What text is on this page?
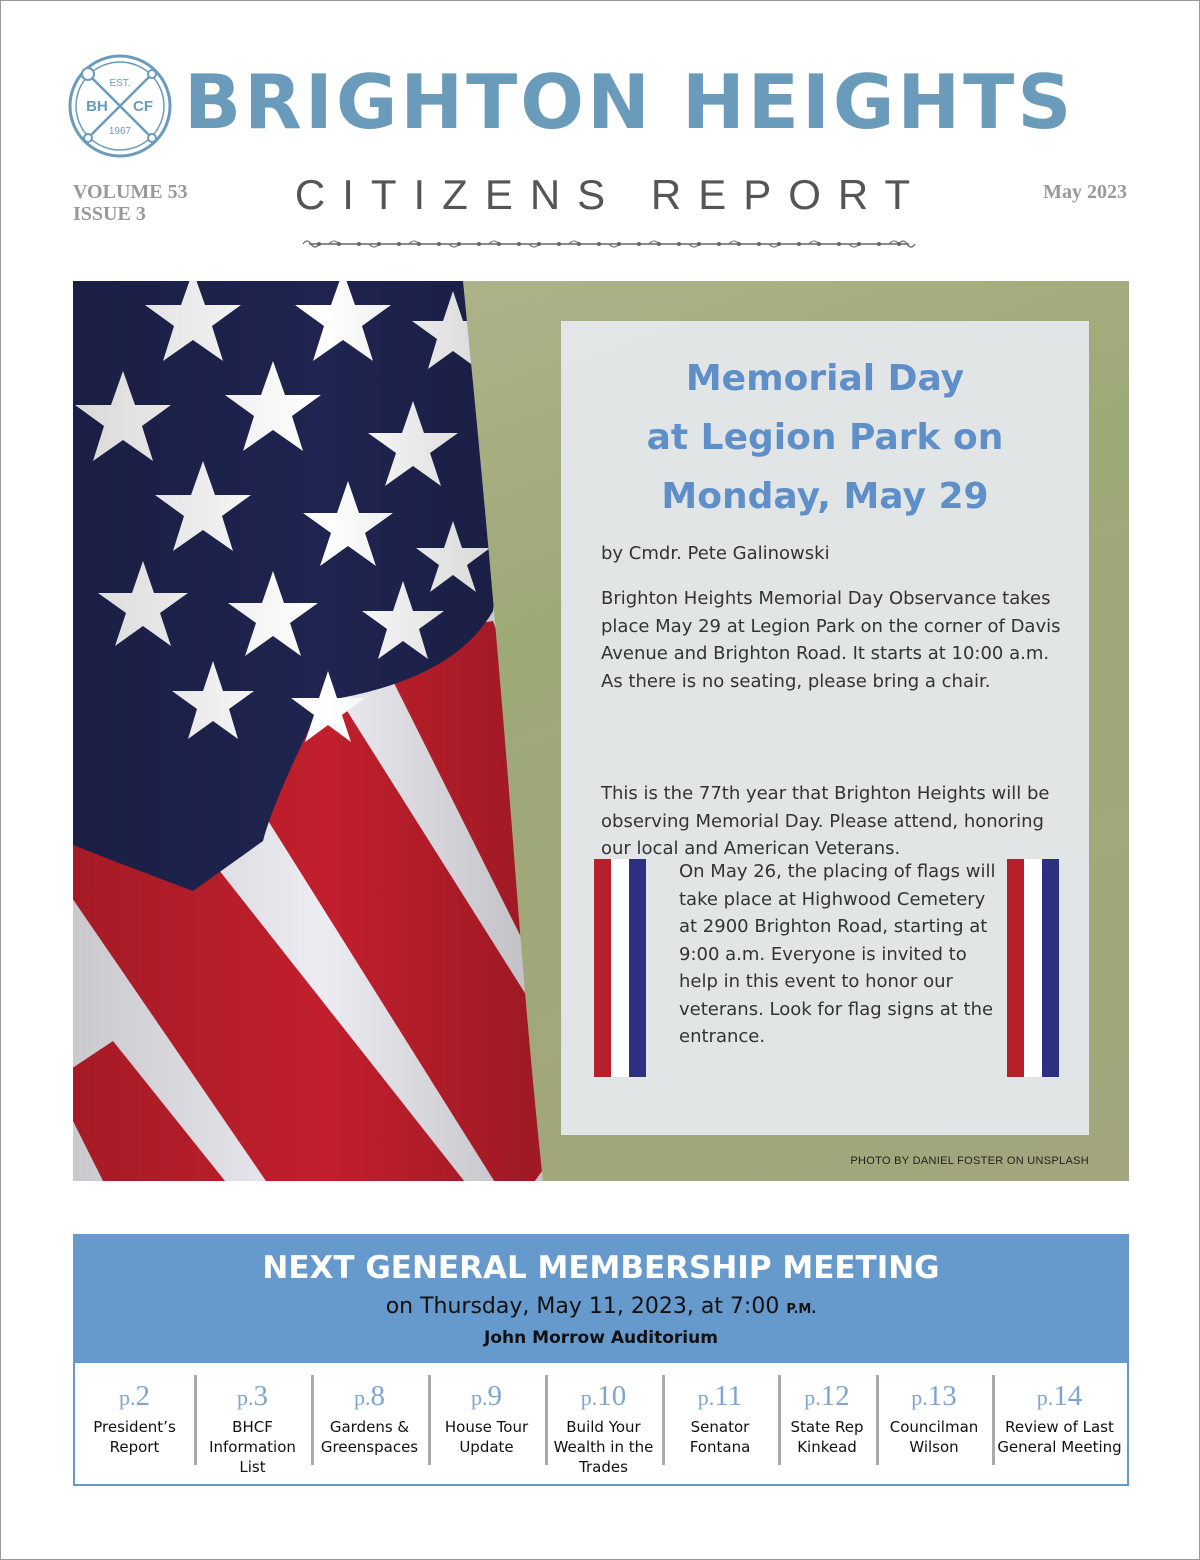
EST.
BH CF
1967 BRIGHTON HEIGHTS
CITIZENS REPORT
VOLUME 53
ISSUE 3
May 2023
Memorial Day
at Legion Park on
Monday, May 29
by Cmdr. Pete Galinowski

Brighton Heights Memorial Day Observance takes place May 29 at Legion Park on the corner of Davis Avenue and Brighton Road. It starts at 10:00 a.m. As there is no seating, please bring a chair.

This is the 77th year that Brighton Heights will be observing Memorial Day. Please attend, honoring our local and American Veterans.

On May 26, the placing of flags will take place at Highwood Cemetery at 2900 Brighton Road, starting at 9:00 a.m. Everyone is invited to help in this event to honor our veterans. Look for flag signs at the entrance.

PHOTO BY DANIEL FOSTER ON UNSPLASH
NEXT GENERAL MEMBERSHIP MEETING
on Thursday, May 11, 2023, at 7:00 P.M.
John Morrow Auditorium
p.2
President’s Report
p.3
BHCF Information List
p.8
Gardens & Greenspaces
p.9
House Tour Update
p.10
Build Your Wealth in the Trades
p.11
Senator Fontana
p.12
State Rep Kinkead
p.13
Councilman Wilson
p.14
Review of Last General Meeting
